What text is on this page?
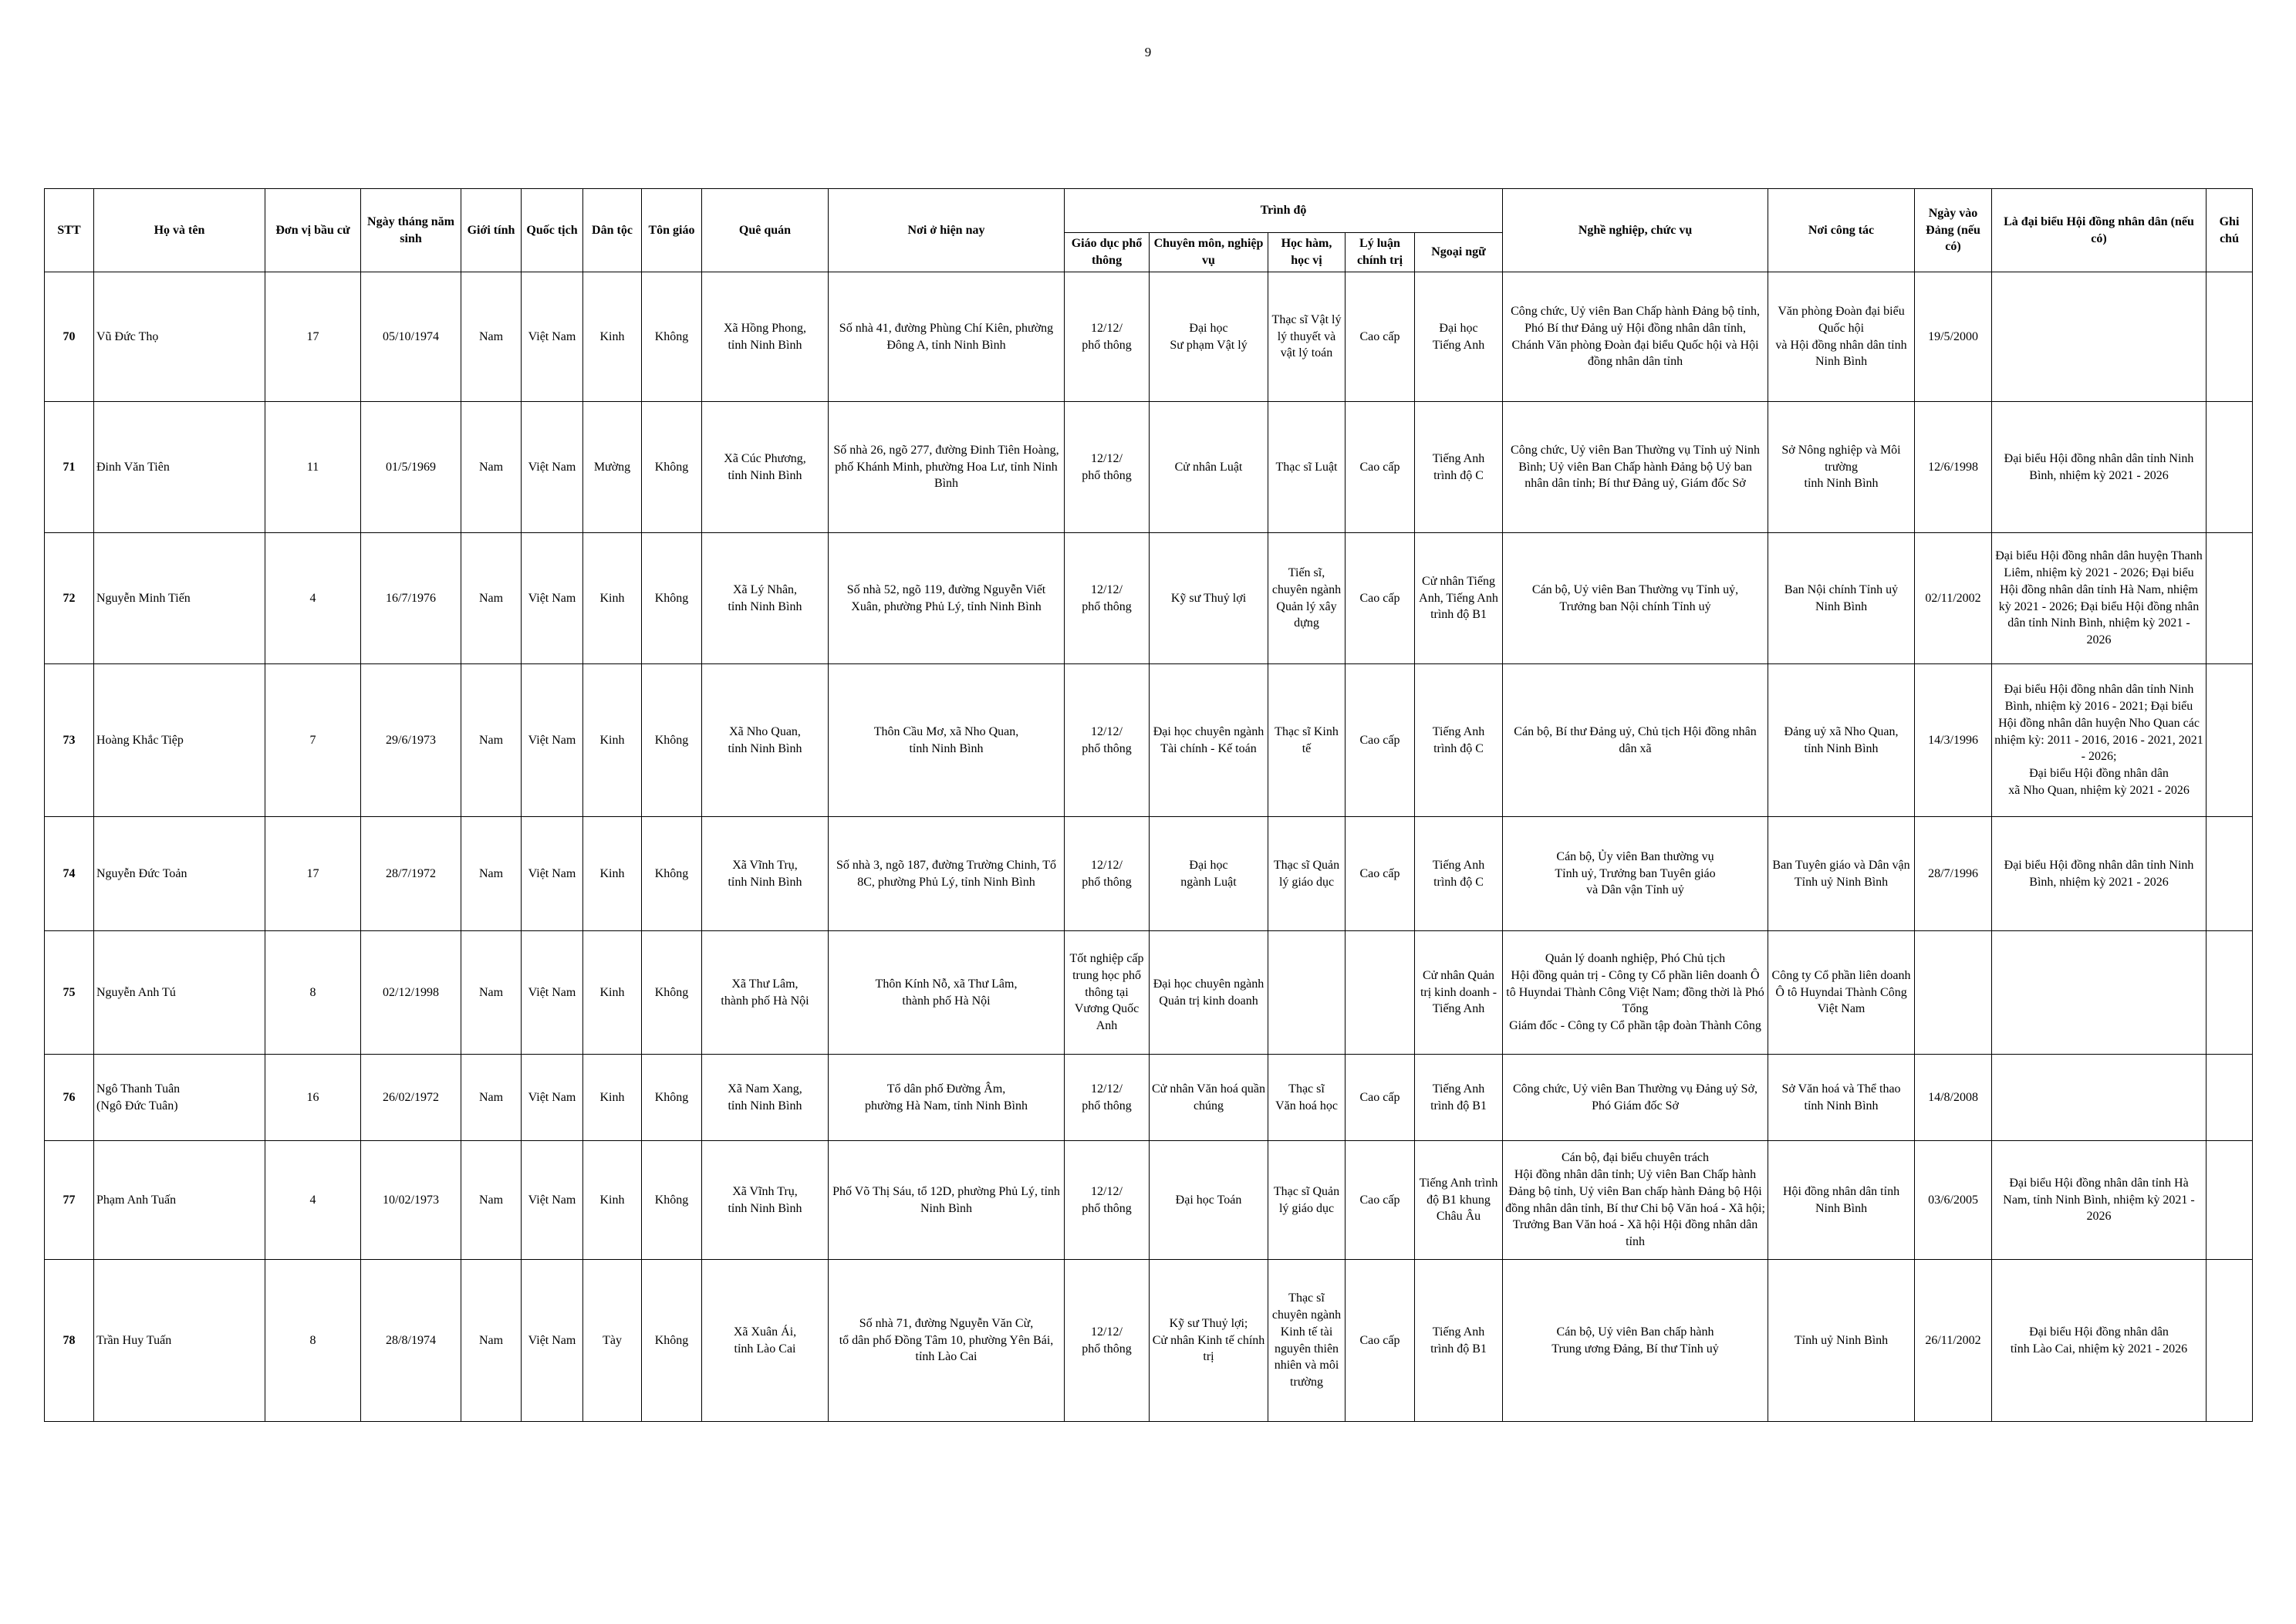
9
STT	Họ và tên	Đơn vị bầu cử	Ngày tháng năm sinh	Giới tính	Quốc tịch	Dân tộc	Tôn giáo	Quê quán	Nơi ở hiện nay	Trình độ					Nghề nghiệp, chức vụ	Nơi công tác	Ngày vào Đảng (nếu có)	Là đại biểu Hội đồng nhân dân (nếu có)	Ghi chú
										Giáo dục phổ thông	Chuyên môn, nghiệp vụ	Học hàm, học vị	Lý luận chính trị	Ngoại ngữ					
70	Vũ Đức Thọ	17	05/10/1974	Nam	Việt Nam	Kinh	Không	Xã Hồng Phong,
tỉnh Ninh Bình	Số nhà 41, đường Phùng Chí Kiên, phường Đông A, tỉnh Ninh Bình	12/12/
phổ thông	Đại học
Sư phạm Vật lý	Thạc sĩ Vật lý lý thuyết và vật lý toán	Cao cấp	Đại học
Tiếng Anh	Công chức, Uỷ viên Ban Chấp hành Đảng bộ tỉnh, Phó Bí thư Đảng uỷ Hội đồng nhân dân tỉnh,
Chánh Văn phòng Đoàn đại biểu Quốc hội và Hội đồng nhân dân tỉnh	Văn phòng Đoàn đại biểu Quốc hội
và Hội đồng nhân dân tỉnh Ninh Bình	19/5/2000		
71	Đinh Văn Tiên	11	01/5/1969	Nam	Việt Nam	Mường	Không	Xã Cúc Phương,
tỉnh Ninh Bình	Số nhà 26, ngõ 277, đường Đinh Tiên Hoàng, phố Khánh Minh, phường Hoa Lư, tỉnh Ninh Bình	12/12/
phổ thông	Cử nhân Luật	Thạc sĩ Luật	Cao cấp	Tiếng Anh
trình độ C	Công chức, Uỷ viên Ban Thường vụ Tỉnh uỷ Ninh Bình; Uỷ viên Ban Chấp hành Đảng bộ Uỷ ban nhân dân tỉnh; Bí thư Đảng uỷ, Giám đốc Sở	Sở Nông nghiệp và Môi trường
tỉnh Ninh Bình	12/6/1998	Đại biểu Hội đồng nhân dân tỉnh Ninh Bình, nhiệm kỳ 2021 - 2026	
72	Nguyễn Minh Tiến	4	16/7/1976	Nam	Việt Nam	Kinh	Không	Xã Lý Nhân,
tỉnh Ninh Bình	Số nhà 52, ngõ 119, đường Nguyễn Viết Xuân, phường Phủ Lý, tỉnh Ninh Bình	12/12/
phổ thông	Kỹ sư Thuỷ lợi	Tiến sĩ, chuyên ngành Quản lý xây dựng	Cao cấp	Cử nhân Tiếng Anh, Tiếng Anh trình độ B1	Cán bộ, Uỷ viên Ban Thường vụ Tỉnh uỷ,
Trưởng ban Nội chính Tỉnh uỷ	Ban Nội chính Tỉnh uỷ
Ninh Bình	02/11/2002	Đại biểu Hội đồng nhân dân huyện Thanh Liêm, nhiệm kỳ 2021 - 2026; Đại biểu Hội đồng nhân dân tỉnh Hà Nam, nhiệm kỳ 2021 - 2026; Đại biểu Hội đồng nhân dân tỉnh Ninh Bình, nhiệm kỳ 2021 - 2026	
73	Hoàng Khắc Tiệp	7	29/6/1973	Nam	Việt Nam	Kinh	Không	Xã Nho Quan,
tỉnh Ninh Bình	Thôn Cầu Mơ, xã Nho Quan,
tỉnh Ninh Bình	12/12/
phổ thông	Đại học chuyên ngành Tài chính - Kế toán	Thạc sĩ Kinh tế	Cao cấp	Tiếng Anh
trình độ C	Cán bộ, Bí thư Đảng uỷ, Chủ tịch Hội đồng nhân dân xã	Đảng uỷ xã Nho Quan,
tỉnh Ninh Bình	14/3/1996	Đại biểu Hội đồng nhân dân tỉnh Ninh Bình, nhiệm kỳ 2016 - 2021; Đại biểu Hội đồng nhân dân huyện Nho Quan các nhiệm kỳ: 2011 - 2016, 2016 - 2021, 2021 - 2026;
Đại biểu Hội đồng nhân dân
xã Nho Quan, nhiệm kỳ 2021 - 2026	
74	Nguyễn Đức Toản	17	28/7/1972	Nam	Việt Nam	Kinh	Không	Xã Vĩnh Trụ,
tỉnh Ninh Bình	Số nhà 3, ngõ 187, đường Trường Chinh, Tổ 8C, phường Phủ Lý, tỉnh Ninh Bình	12/12/
phổ thông	Đại học
ngành Luật	Thạc sĩ Quản lý giáo dục	Cao cấp	Tiếng Anh
trình độ C	Cán bộ, Ủy viên Ban thường vụ
Tỉnh uỷ, Trưởng ban Tuyên giáo
và Dân vận Tỉnh uỷ	Ban Tuyên giáo và Dân vận
Tỉnh uỷ Ninh Bình	28/7/1996	Đại biểu Hội đồng nhân dân tỉnh Ninh Bình, nhiệm kỳ 2021 - 2026	
75	Nguyễn Anh Tú	8	02/12/1998	Nam	Việt Nam	Kinh	Không	Xã Thư Lâm,
thành phố Hà Nội	Thôn Kính Nỗ, xã Thư Lâm,
thành phố Hà Nội	Tốt nghiệp cấp trung học phổ thông tại Vương Quốc Anh	Đại học chuyên ngành Quản trị kinh doanh			Cử nhân Quản trị kinh doanh - Tiếng Anh	Quản lý doanh nghiệp, Phó Chủ tịch
Hội đồng quản trị - Công ty Cổ phần liên doanh Ô tô Huyndai Thành Công Việt Nam; đồng thời là Phó Tổng
Giám đốc - Công ty Cổ phần tập đoàn Thành Công	Công ty Cổ phần liên doanh Ô tô Huyndai Thành Công Việt Nam			
76	Ngô Thanh Tuân
(Ngô Đức Tuân)	16	26/02/1972	Nam	Việt Nam	Kinh	Không	Xã Nam Xang,
tỉnh Ninh Bình	Tổ dân phố Đường Âm,
phường Hà Nam, tỉnh Ninh Bình	12/12/
phổ thông	Cử nhân Văn hoá quần chúng	Thạc sĩ
Văn hoá học	Cao cấp	Tiếng Anh
trình độ B1	Công chức, Uỷ viên Ban Thường vụ Đảng uỷ Sở, Phó Giám đốc Sở	Sở Văn hoá và Thể thao
tỉnh Ninh Bình	14/8/2008		
77	Phạm Anh Tuấn	4	10/02/1973	Nam	Việt Nam	Kinh	Không	Xã Vĩnh Trụ,
tỉnh Ninh Bình	Phố Võ Thị Sáu, tổ 12D, phường Phủ Lý, tỉnh Ninh Bình	12/12/
phổ thông	Đại học Toán	Thạc sĩ Quản lý giáo dục	Cao cấp	Tiếng Anh trình độ B1 khung Châu Âu	Cán bộ, đại biểu chuyên trách
Hội đồng nhân dân tỉnh; Uỷ viên Ban Chấp hành Đảng bộ tỉnh, Uỷ viên Ban chấp hành Đảng bộ Hội đồng nhân dân tỉnh, Bí thư Chi bộ Văn hoá - Xã hội; Trưởng Ban Văn hoá - Xã hội Hội đồng nhân dân tỉnh	Hội đồng nhân dân tỉnh
Ninh Bình	03/6/2005	Đại biểu Hội đồng nhân dân tỉnh Hà Nam, tỉnh Ninh Bình, nhiệm kỳ 2021 - 2026	
78	Trần Huy Tuấn	8	28/8/1974	Nam	Việt Nam	Tày	Không	Xã Xuân Ái,
tỉnh Lào Cai	Số nhà 71, đường Nguyễn Văn Cừ,
tổ dân phố Đồng Tâm 10, phường Yên Bái, tỉnh Lào Cai	12/12/
phổ thông	Kỹ sư Thuỷ lợi;
Cử nhân Kinh tế chính trị	Thạc sĩ chuyên ngành Kinh tế tài nguyên thiên nhiên và môi trường	Cao cấp	Tiếng Anh
trình độ B1	Cán bộ, Uỷ viên Ban chấp hành
Trung ương Đảng, Bí thư Tỉnh uỷ	Tỉnh uỷ Ninh Bình	26/11/2002	Đại biểu Hội đồng nhân dân
tỉnh Lào Cai, nhiệm kỳ 2021 - 2026	
